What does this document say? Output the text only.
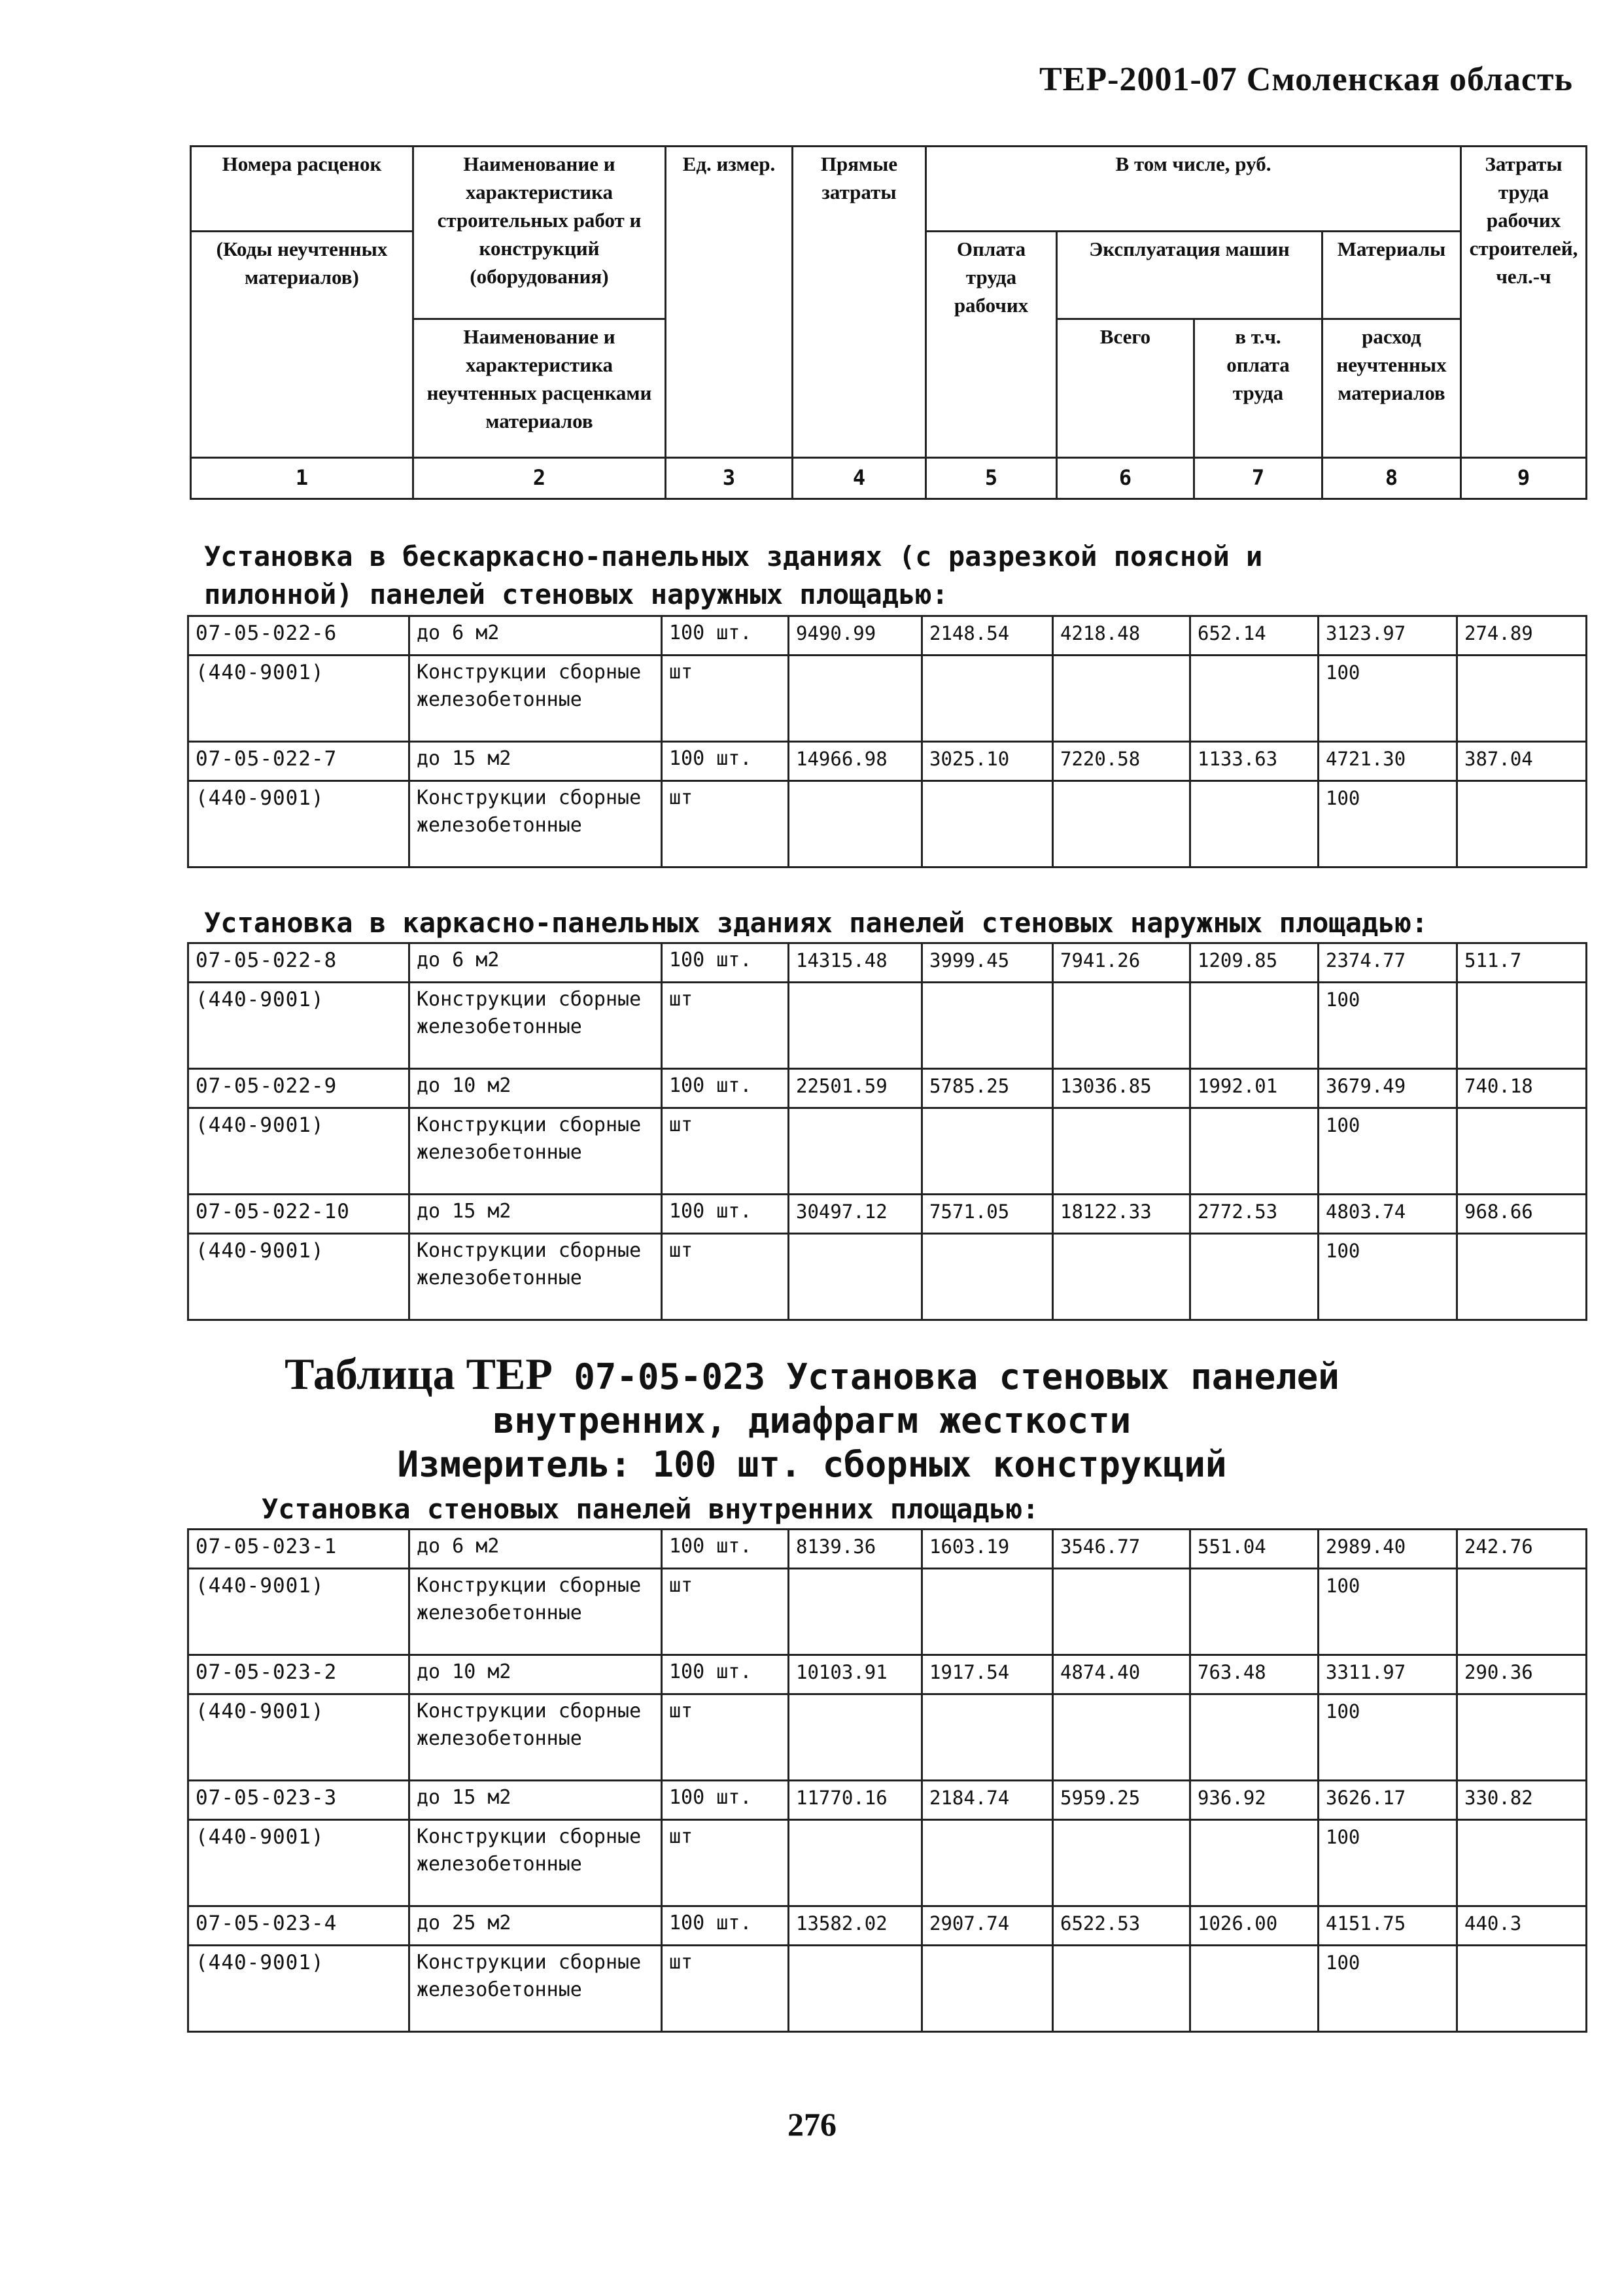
ТЕР-2001-07 Смоленская область
Номера расценок	Наименование и характеристика строительных работ и конструкций (оборудования)	Ед. измер.	Прямые затраты	В том числе, руб.				Затраты труда рабочих строителей, чел.-ч
(Коды неучтенных материалов)				Оплата труда рабочих	Эксплуатация машин		Материалы	
	Наименование и характеристика неучтенных расценками материалов				Всего	в т.ч. оплата труда	расход неучтенных материалов	
1	2	3	4	5	6	7	8	9
Установка в бескаркасно-панельных зданиях (с разрезкой поясной и
пилонной) панелей стеновых наружных площадью:
07-05-022-6	до 6 м2	100 шт.	9490.99	2148.54	4218.48	652.14	3123.97	274.89
(440-9001)	Конструкции сборные железобетонные	шт					100	
07-05-022-7	до 15 м2	100 шт.	14966.98	3025.10	7220.58	1133.63	4721.30	387.04
(440-9001)	Конструкции сборные железобетонные	шт					100	
Установка в каркасно-панельных зданиях панелей стеновых наружных площадью:
07-05-022-8	до 6 м2	100 шт.	14315.48	3999.45	7941.26	1209.85	2374.77	511.7
(440-9001)	Конструкции сборные железобетонные	шт					100	
07-05-022-9	до 10 м2	100 шт.	22501.59	5785.25	13036.85	1992.01	3679.49	740.18
(440-9001)	Конструкции сборные железобетонные	шт					100	
07-05-022-10	до 15 м2	100 шт.	30497.12	7571.05	18122.33	2772.53	4803.74	968.66
(440-9001)	Конструкции сборные железобетонные	шт					100	
Таблица ТЕР 07-05-023 Установка стеновых панелей
внутренних, диафрагм жесткости
Измеритель: 100 шт. сборных конструкций
Установка стеновых панелей внутренних площадью:
07-05-023-1	до 6 м2	100 шт.	8139.36	1603.19	3546.77	551.04	2989.40	242.76
(440-9001)	Конструкции сборные железобетонные	шт					100	
07-05-023-2	до 10 м2	100 шт.	10103.91	1917.54	4874.40	763.48	3311.97	290.36
(440-9001)	Конструкции сборные железобетонные	шт					100	
07-05-023-3	до 15 м2	100 шт.	11770.16	2184.74	5959.25	936.92	3626.17	330.82
(440-9001)	Конструкции сборные железобетонные	шт					100	
07-05-023-4	до 25 м2	100 шт.	13582.02	2907.74	6522.53	1026.00	4151.75	440.3
(440-9001)	Конструкции сборные железобетонные	шт					100	
276
